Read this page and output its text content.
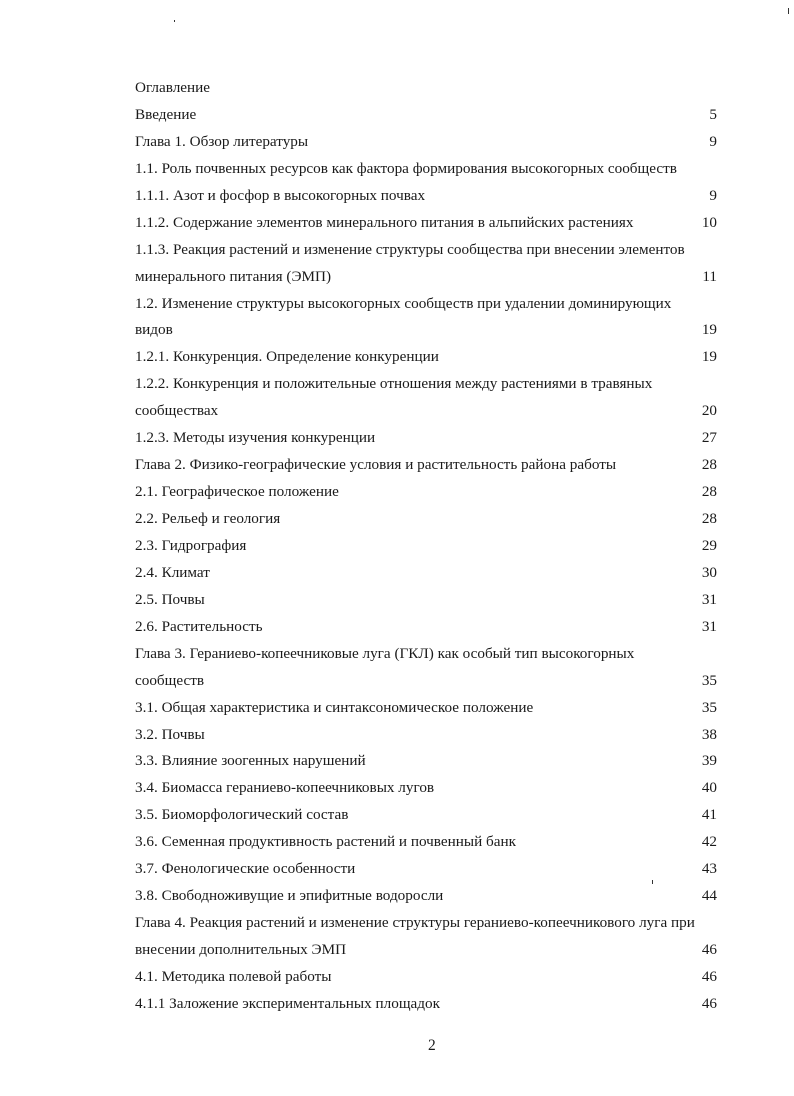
Оглавление
Введение	5
Глава 1. Обзор литературы	9
1.1. Роль почвенных ресурсов как фактора формирования высокогорных сообществ
1.1.1. Азот и фосфор в высокогорных почвах	9
1.1.2. Содержание элементов минерального питания в альпийских растениях	10
1.1.3. Реакция растений и изменение структуры сообщества при внесении элементов
минерального питания (ЭМП)	11
1.2. Изменение структуры высокогорных сообществ при удалении доминирующих
видов	19
1.2.1. Конкуренция. Определение конкуренции	19
1.2.2. Конкуренция и положительные отношения между растениями в травяных
сообществах	20
1.2.3. Методы изучения конкуренции	27
Глава 2. Физико-географические условия и растительность района работы	28
2.1. Географическое положение	28
2.2. Рельеф и геология	28
2.3. Гидрография	29
2.4. Климат	30
2.5. Почвы	31
2.6. Растительность	31
Глава 3. Гераниево-копеечниковые луга (ГКЛ) как особый тип высокогорных
сообществ	35
3.1. Общая характеристика и синтаксономическое положение	35
3.2. Почвы	38
3.3. Влияние зоогенных нарушений	39
3.4. Биомасса гераниево-копеечниковых лугов	40
3.5. Биоморфологический состав	41
3.6. Семенная продуктивность растений и почвенный банк	42
3.7. Фенологические особенности	43
3.8. Свободноживущие и эпифитные водоросли	44
Глава 4. Реакция растений и изменение структуры гераниево-копеечникового луга при
внесении дополнительных ЭМП	46
4.1. Методика полевой работы	46
4.1.1 Заложение экспериментальных площадок	46
2
